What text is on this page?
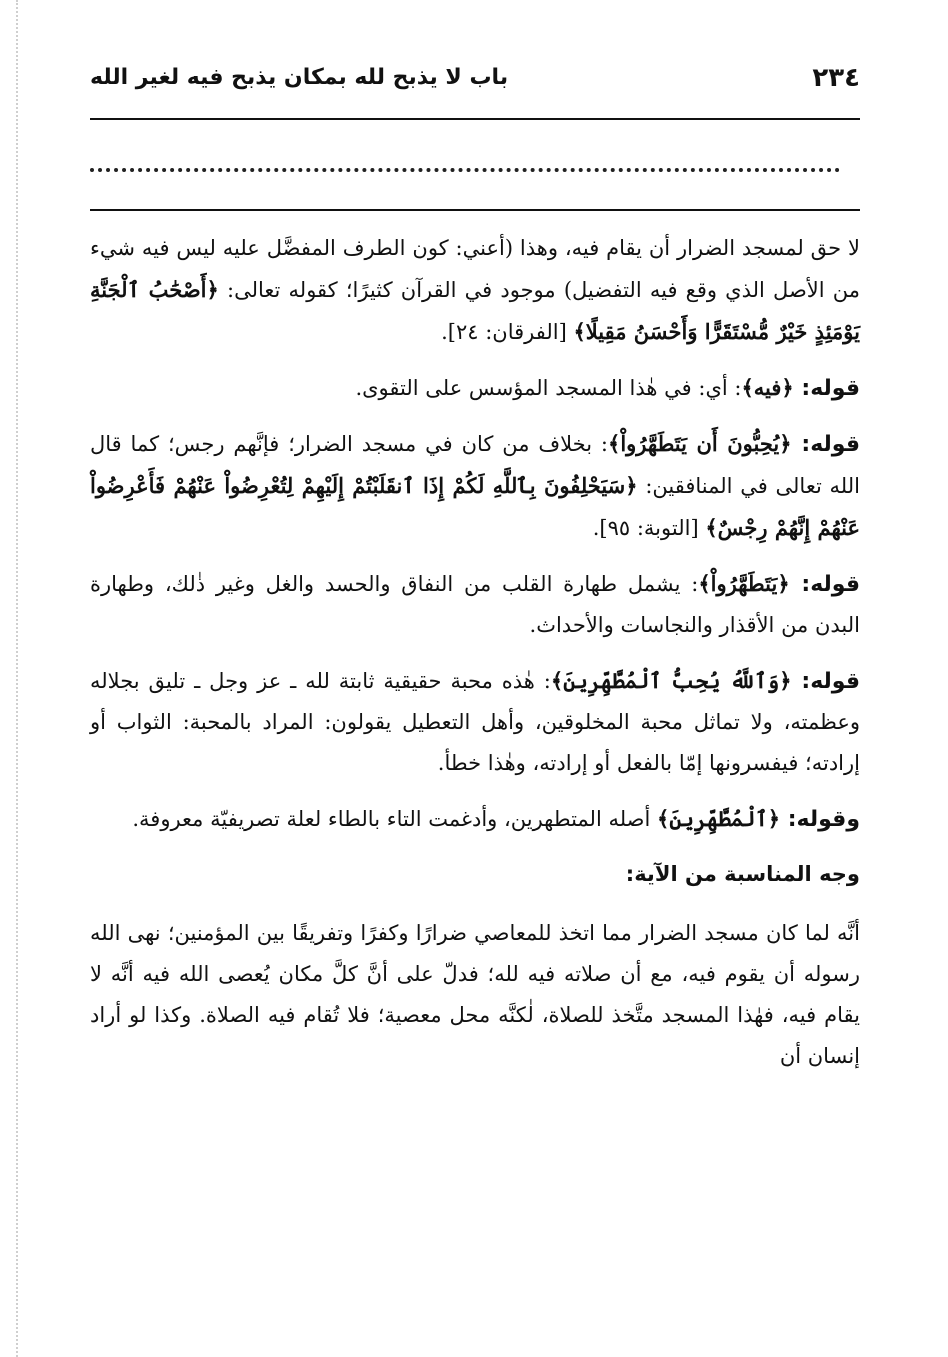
٢٣٤
باب لا يذبح لله بمكان يذبح فيه لغير الله

لا حق لمسجد الضرار أن يقام فيه، وهذا (أعني: كون الطرف المفضَّل عليه ليس فيه شيء من الأصل الذي وقع فيه التفضيل) موجود في القرآن كثيرًا؛ كقوله تعالى: ﴿أَصْحَٰبُ ٱلْجَنَّةِ يَوْمَئِذٍ خَيْرٌ مُّسْتَقَرًّا وَأَحْسَنُ مَقِيلًا﴾ [الفرقان: ٢٤].

قوله: ﴿فيه﴾: أي: في هٰذا المسجد المؤسس على التقوى.

قوله: ﴿يُحِبُّونَ أَن يَتَطَهَّرُواْ﴾: بخلاف من كان في مسجد الضرار؛ فإنَّهم رجس؛ كما قال الله تعالى في المنافقين: ﴿سَيَحْلِفُونَ بِٱللَّهِ لَكُمْ إِذَا ٱنقَلَبْتُمْ إِلَيْهِمْ لِتُعْرِضُواْ عَنْهُمْ فَأَعْرِضُواْ عَنْهُمْ إِنَّهُمْ رِجْسٌ﴾ [التوبة: ٩٥].

قوله: ﴿يَتَطَهَّرُواْ﴾: يشمل طهارة القلب من النفاق والحسد والغل وغير ذٰلك، وطهارة البدن من الأقذار والنجاسات والأحداث.

قوله: ﴿وَٱللَّهُ يُحِبُّ ٱلْمُطَّهِّرِينَ﴾: هٰذه محبة حقيقية ثابتة لله ـ عز وجل ـ تليق بجلاله وعظمته، ولا تماثل محبة المخلوقين، وأهل التعطيل يقولون: المراد بالمحبة: الثواب أو إرادته؛ فيفسرونها إمّا بالفعل أو إرادته، وهٰذا خطأ.

وقوله: ﴿ٱلْمُطَّهِّرِينَ﴾ أصله المتطهرين، وأدغمت التاء بالطاء لعلة تصريفيّة معروفة.

وجه المناسبة من الآية:

أنَّه لما كان مسجد الضرار مما اتخذ للمعاصي ضرارًا وكفرًا وتفريقًا بين المؤمنين؛ نهى الله رسوله أن يقوم فيه، مع أن صلاته فيه لله؛ فدلّ على أنَّ كلَّ مكان يُعصى الله فيه أنَّه لا يقام فيه، فهٰذا المسجد متَّخذ للصلاة، لٰكنَّه محل معصية؛ فلا تُقام فيه الصلاة. وكذا لو أراد إنسان أن
